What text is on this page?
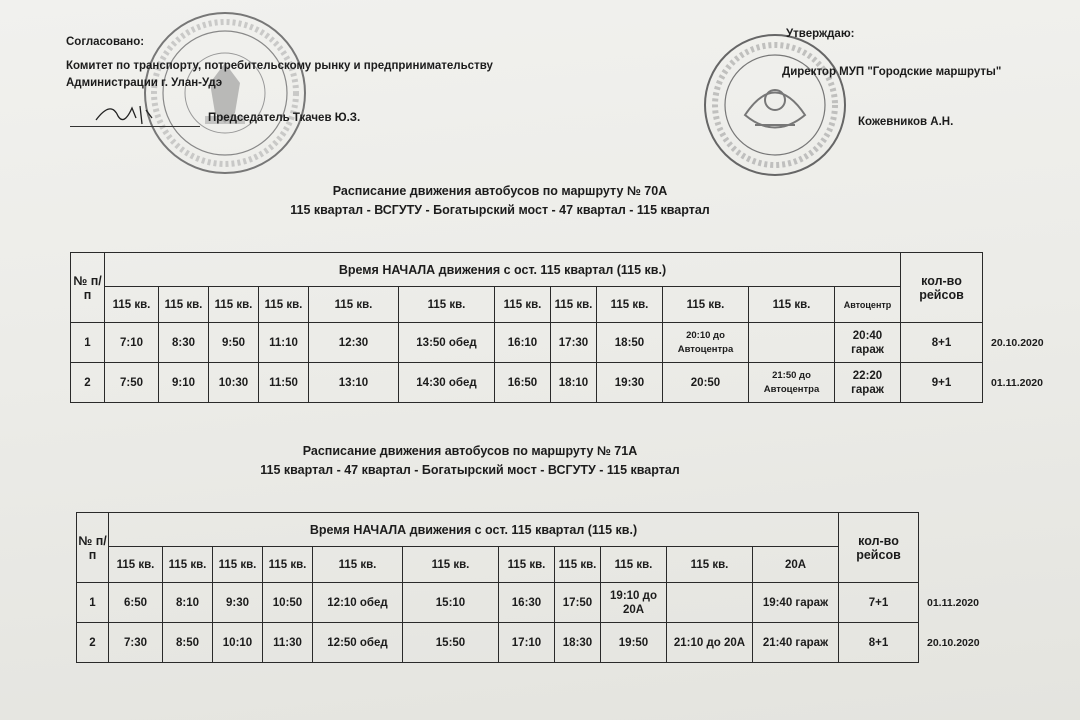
Согласовано:
Комитет по транспорту, потребительскому рынку и предпринимательству
Администрации г. Улан-Удэ
Председатель Ткачев Ю.З.
Утверждаю:
Директор МУП "Городские маршруты"
Кожевников А.Н.
Расписание движения автобусов по маршруту № 70А
115 квартал - ВСГУТУ - Богатырский мост - 47 квартал - 115 квартал
№ п/п	Время НАЧАЛА движения с ост. 115 квартал (115 кв.)												кол-во рейсов	
	115 кв.	115 кв.	115 кв.	115 кв.	115 кв.	115 кв.	115 кв.	115 кв.	115 кв.	115 кв.	115 кв.	Автоцентр		
1	7:10	8:30	9:50	11:10	12:30	13:50 обед	16:10	17:30	18:50	20:10 до Автоцентра		20:40 гараж	8+1	20.10.2020
2	7:50	9:10	10:30	11:50	13:10	14:30 обед	16:50	18:10	19:30	20:50	21:50 до Автоцентра	22:20 гараж	9+1	01.11.2020
Расписание движения автобусов по маршруту № 71А
115 квартал - 47 квартал - Богатырский мост - ВСГУТУ - 115 квартал
№ п/п	Время НАЧАЛА движения с ост. 115 квартал (115 кв.)											кол-во рейсов	
	115 кв.	115 кв.	115 кв.	115 кв.	115 кв.	115 кв.	115 кв.	115 кв.	115 кв.	115 кв.	20А		
1	6:50	8:10	9:30	10:50	12:10 обед	15:10	16:30	17:50	19:10 до 20А		19:40 гараж	7+1	01.11.2020
2	7:30	8:50	10:10	11:30	12:50 обед	15:50	17:10	18:30	19:50	21:10 до 20А	21:40 гараж	8+1	20.10.2020
